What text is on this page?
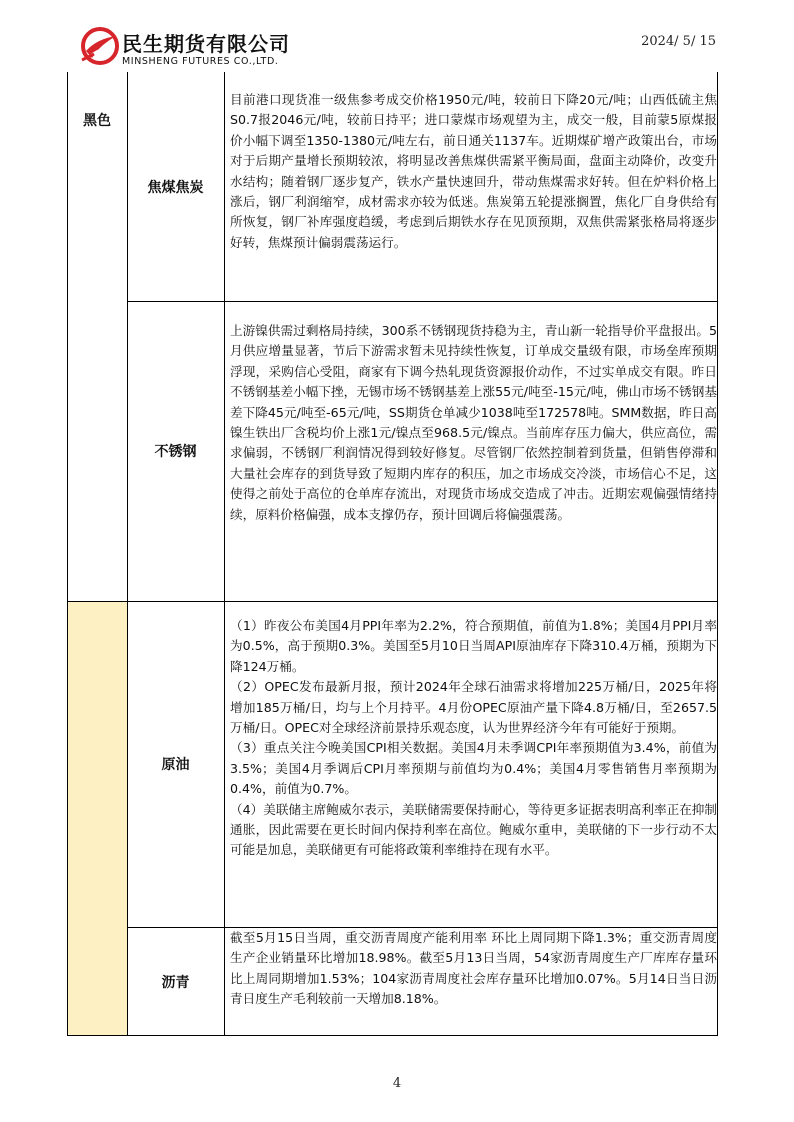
民生期货有限公司
MINSHENG FUTURES CO.,LTD.
2024/ 5/ 15
黑色
焦煤焦炭

目前港口现货准一级焦参考成交价格1950元/吨，较前日下降20元/吨；山西低硫主焦S0.7报2046元/吨，较前日持平；进口蒙煤市场观望为主，成交一般，目前蒙5原煤报价小幅下调至1350-1380元/吨左右，前日通关1137车。近期煤矿增产政策出台，市场对于后期产量增长预期较浓，将明显改善焦煤供需紧平衡局面，盘面主动降价，改变升水结构；随着钢厂逐步复产，铁水产量快速回升，带动焦煤需求好转。但在炉料价格上涨后，钢厂利润缩窄，成材需求亦较为低迷。焦炭第五轮提涨搁置，焦化厂自身供给有所恢复，钢厂补库强度趋缓，考虑到后期铁水存在见顶预期，双焦供需紧张格局将逐步好转，焦煤预计偏弱震荡运行。

不锈钢

上游镍供需过剩格局持续，300系不锈钢现货持稳为主，青山新一轮指导价平盘报出。5月供应增量显著，节后下游需求暂未见持续性恢复，订单成交量级有限，市场垒库预期浮现，采购信心受阻，商家有下调今热轧现货资源报价动作，不过实单成交有限。昨日不锈钢基差小幅下挫，无锡市场不锈钢基差上涨55元/吨至-15元/吨，佛山市场不锈钢基差下降45元/吨至-65元/吨，SS期货仓单减少1038吨至172578吨。SMM数据，昨日高镍生铁出厂含税均价上涨1元/镍点至968.5元/镍点。当前库存压力偏大，供应高位，需求偏弱，不锈钢厂利润情况得到较好修复。尽管钢厂依然控制着到货量，但销售停滞和大量社会库存的到货导致了短期内库存的积压，加之市场成交冷淡，市场信心不足，这使得之前处于高位的仓单库存流出，对现货市场成交造成了冲击。近期宏观偏强情绪持续，原料价格偏强，成本支撑仍存，预计回调后将偏强震荡。

原油

（1）昨夜公布美国4月PPI年率为2.2%，符合预期值，前值为1.8%；美国4月PPI月率为0.5%，高于预期0.3%。美国至5月10日当周API原油库存下降310.4万桶，预期为下降124万桶。

（2）OPEC发布最新月报，预计2024年全球石油需求将增加225万桶/日，2025年将增加185万桶/日，均与上个月持平。4月份OPEC原油产量下降4.8万桶/日，至2657.5万桶/日。OPEC对全球经济前景持乐观态度，认为世界经济今年有可能好于预期。

（3）重点关注今晚美国CPI相关数据。美国4月未季调CPI年率预期值为3.4%，前值为3.5%；美国4月季调后CPI月率预期与前值均为0.4%；美国4月零售销售月率预期为0.4%，前值为0.7%。

（4）美联储主席鲍威尔表示，美联储需要保持耐心，等待更多证据表明高利率正在抑制通胀，因此需要在更长时间内保持利率在高位。鲍威尔重申，美联储的下一步行动不太可能是加息，美联储更有可能将政策利率维持在现有水平。

沥青

截至5月15日当周，重交沥青周度产能利用率 环比上周同期下降1.3%；重交沥青周度生产企业销量环比增加18.98%。截至5月13日当周，54家沥青周度生产厂库库存量环比上周同期增加1.53%；104家沥青周度社会库存量环比增加0.07%。5月14日当日沥青日度生产毛利较前一天增加8.18%。

4
